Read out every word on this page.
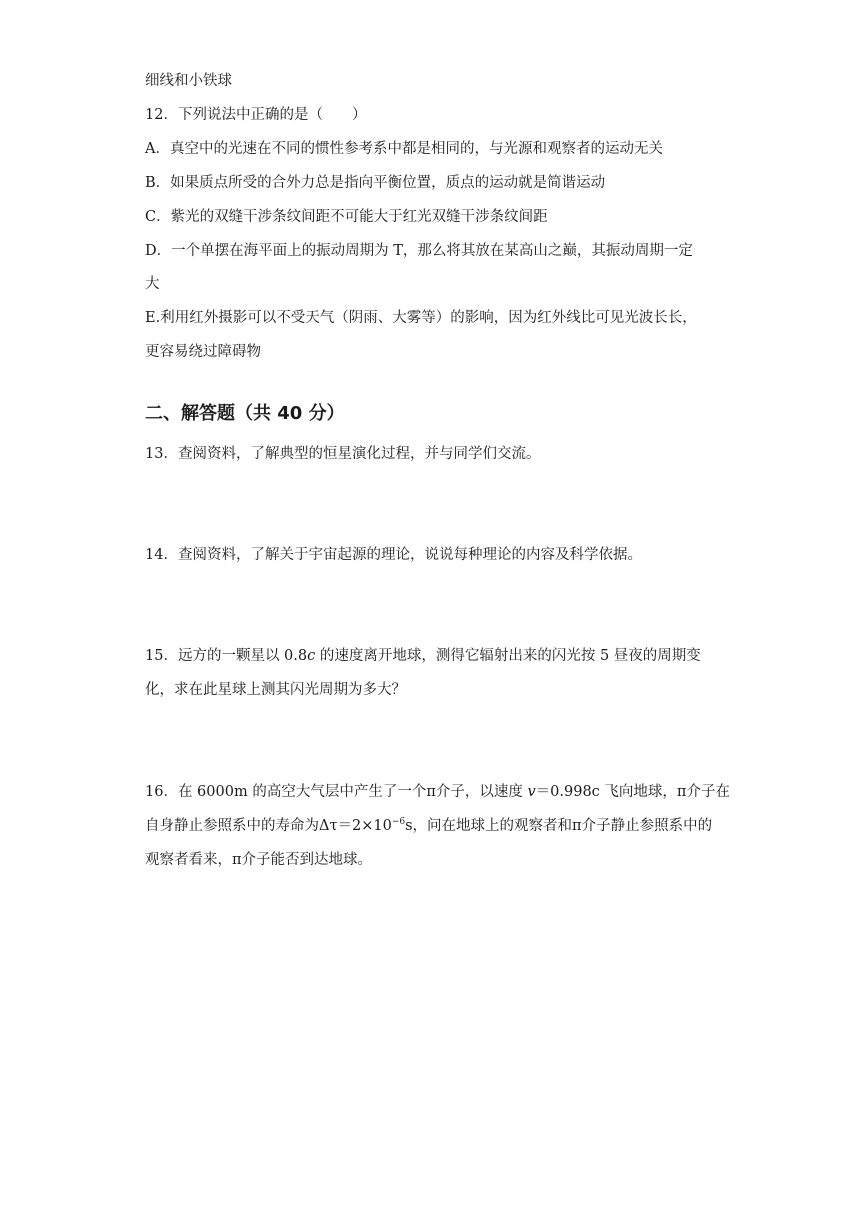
细线和小铁球
12．下列说法中正确的是（　　）
A．真空中的光速在不同的惯性参考系中都是相同的，与光源和观察者的运动无关
B．如果质点所受的合外力总是指向平衡位置，质点的运动就是简谐运动
C．紫光的双缝干涉条纹间距不可能大于红光双缝干涉条纹间距
D．一个单摆在海平面上的振动周期为 T，那么将其放在某高山之巅，其振动周期一定
大
E.利用红外摄影可以不受天气（阴雨、大雾等）的影响，因为红外线比可见光波长长，
更容易绕过障碍物
二、解答题（共 40 分）
13．查阅资料，了解典型的恒星演化过程，并与同学们交流。
14．查阅资料，了解关于宇宙起源的理论，说说每种理论的内容及科学依据。
15．远方的一颗星以 0.8c 的速度离开地球，测得它辐射出来的闪光按 5 昼夜的周期变
化，求在此星球上测其闪光周期为多大？
16．在 6000m 的高空大气层中产生了一个π介子，以速度 v＝0.998c 飞向地球，π介子在
自身静止参照系中的寿命为$\Delta\tau=2\times 10^{-6}s$，问在地球上的观察者和π介子静止参照系中的
观察者看来，π介子能否到达地球。
